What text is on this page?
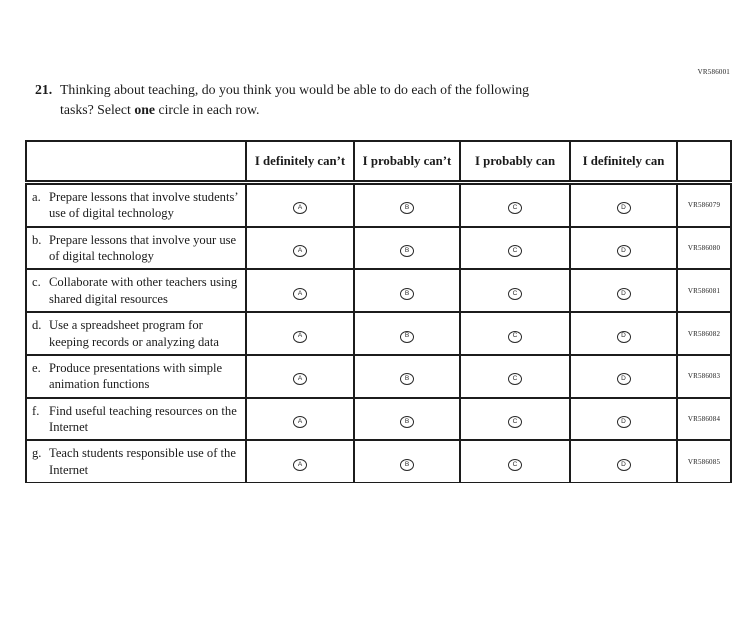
VR586001
21. Thinking about teaching, do you think you would be able to do each of the following
tasks? Select one circle in each row.
	I definitely can’t	I probably can’t	I probably can	I definitely can	

a. Prepare lessons that involve students’ use of digital technology	A	B	C	D	VR586079

b. Prepare lessons that involve your use of digital technology	A	B	C	D	VR586080

c. Collaborate with other teachers using shared digital resources	A	B	C	D	VR586081

d. Use a spreadsheet program for keeping records or analyzing data	A	B	C	D	VR586082

e. Produce presentations with simple animation functions	A	B	C	D	VR586083

f. Find useful teaching resources on the Internet	A	B	C	D	VR586084

g. Teach students responsible use of the Internet	A	B	C	D	VR586085
